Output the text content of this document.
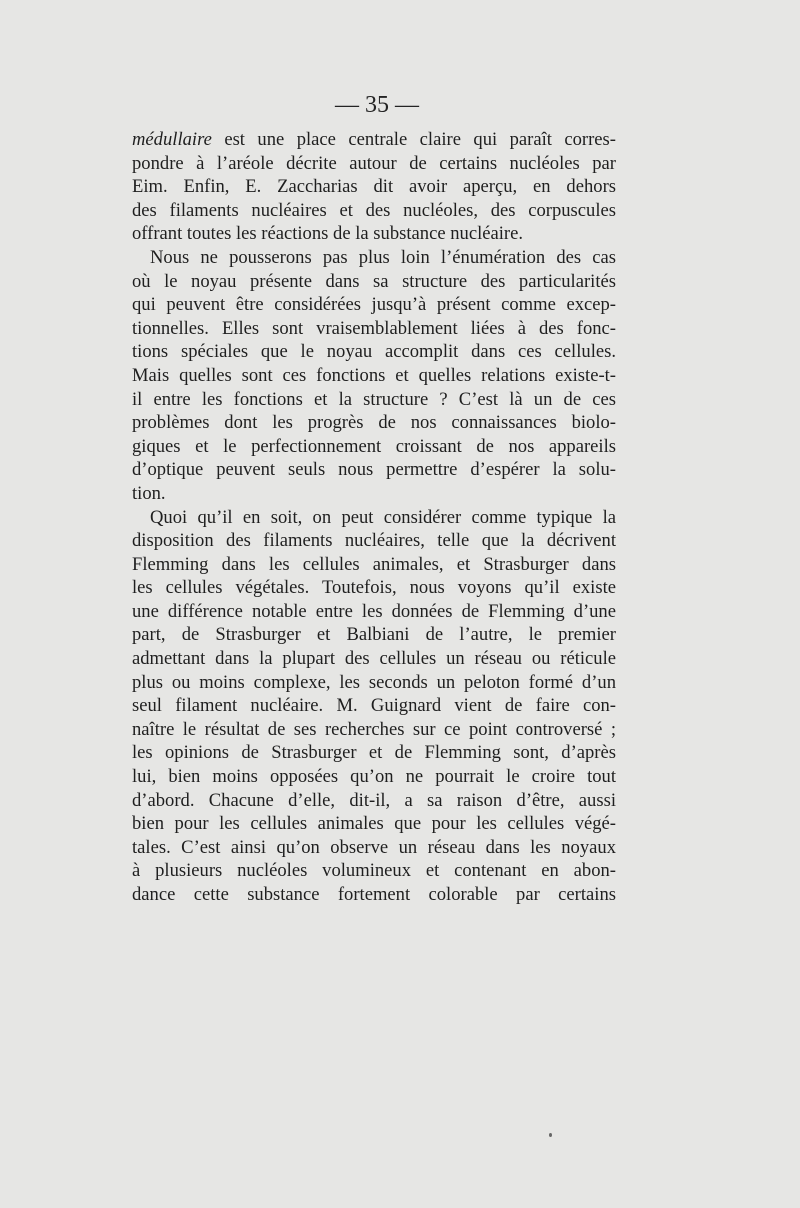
— 35 —

médullaire est une place centrale claire qui paraît corres-
pondre à l’aréole décrite autour de certains nucléoles par
Eim. Enfin, E. Zaccharias dit avoir aperçu, en dehors
des filaments nucléaires et des nucléoles, des corpuscules
offrant toutes les réactions de la substance nucléaire.

Nous ne pousserons pas plus loin l’énumération des cas
où le noyau présente dans sa structure des particularités
qui peuvent être considérées jusqu’à présent comme excep-
tionnelles. Elles sont vraisemblablement liées à des fonc-
tions spéciales que le noyau accomplit dans ces cellules.
Mais quelles sont ces fonctions et quelles relations existe-t-
il entre les fonctions et la structure ? C’est là un de ces
problèmes dont les progrès de nos connaissances biolo-
giques et le perfectionnement croissant de nos appareils
d’optique peuvent seuls nous permettre d’espérer la solu-
tion.

Quoi qu’il en soit, on peut considérer comme typique la
disposition des filaments nucléaires, telle que la décrivent
Flemming dans les cellules animales, et Strasburger dans
les cellules végétales. Toutefois, nous voyons qu’il existe
une différence notable entre les données de Flemming d’une
part, de Strasburger et Balbiani de l’autre, le premier
admettant dans la plupart des cellules un réseau ou réticule
plus ou moins complexe, les seconds un peloton formé d’un
seul filament nucléaire. M. Guignard vient de faire con-
naître le résultat de ses recherches sur ce point controversé ;
les opinions de Strasburger et de Flemming sont, d’après
lui, bien moins opposées qu’on ne pourrait le croire tout
d’abord. Chacune d’elle, dit-il, a sa raison d’être, aussi
bien pour les cellules animales que pour les cellules végé-
tales. C’est ainsi qu’on observe un réseau dans les noyaux
à plusieurs nucléoles volumineux et contenant en abon-
dance cette substance fortement colorable par certains
